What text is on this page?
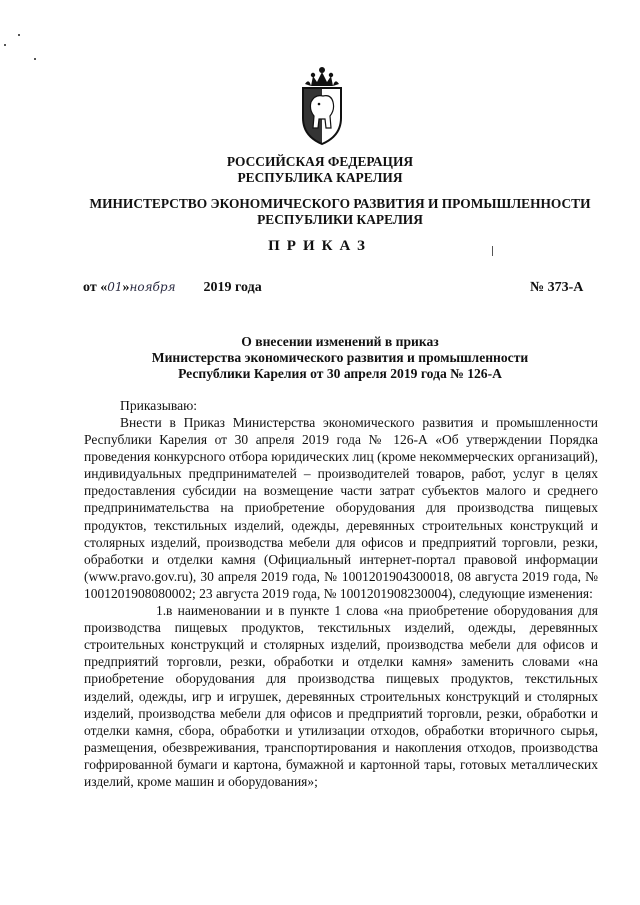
РОССИЙСКАЯ ФЕДЕРАЦИЯ
РЕСПУБЛИКА КАРЕЛИЯ
МИНИСТЕРСТВО ЭКОНОМИЧЕСКОГО РАЗВИТИЯ И ПРОМЫШЛЕННОСТИ
РЕСПУБЛИКИ КАРЕЛИЯ
ПРИКАЗ
от «01»ноября 2019 года	№ 373-А
О внесении изменений в приказ
Министерства экономического развития и промышленности
Республики Карелия от 30 апреля 2019 года № 126-А
Приказываю:

Внести в Приказ Министерства экономического развития и промышленности Республики Карелия от 30 апреля 2019 года № 126-А «Об утверждении Порядка проведения конкурсного отбора юридических лиц (кроме некоммерческих организаций), индивидуальных предпринимателей – производителей товаров, работ, услуг в целях предоставления субсидии на возмещение части затрат субъектов малого и среднего предпринимательства на приобретение оборудования для производства пищевых продуктов, текстильных изделий, одежды, деревянных строительных конструкций и столярных изделий, производства мебели для офисов и предприятий торговли, резки, обработки и отделки камня (Официальный интернет-портал правовой информации (www.pravo.gov.ru), 30 апреля 2019 года, № 1001201904300018, 08 августа 2019 года, № 1001201908080002; 23 августа 2019 года, № 1001201908230004), следующие изменения:

1.в наименовании и в пункте 1 слова «на приобретение оборудования для производства пищевых продуктов, текстильных изделий, одежды, деревянных строительных конструкций и столярных изделий, производства мебели для офисов и предприятий торговли, резки, обработки и отделки камня» заменить словами «на приобретение оборудования для производства пищевых продуктов, текстильных изделий, одежды, игр и игрушек, деревянных строительных конструкций и столярных изделий, производства мебели для офисов и предприятий торговли, резки, обработки и отделки камня, сбора, обработки и утилизации отходов, обработки вторичного сырья, размещения, обезвреживания, транспортирования и накопления отходов, производства гофрированной бумаги и картона, бумажной и картонной тары, готовых металлических изделий, кроме машин и оборудования»;
